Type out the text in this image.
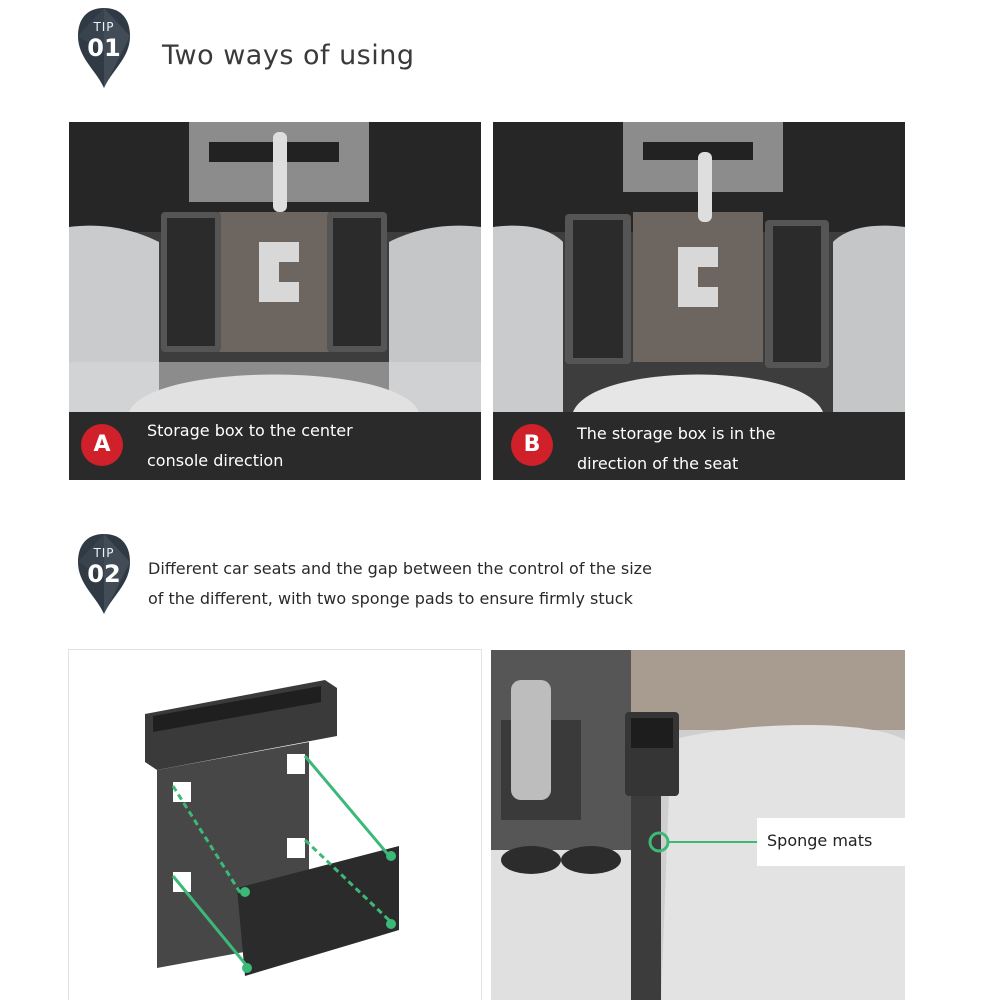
TIP
01	Two ways of using
A
Storage box to the center
console direction
B	The storage box is in the
direction of the seat
TIP
02	Different car seats and the gap between the control of the size
of the different, with two sponge pads to ensure firmly stuck
Sponge mats
